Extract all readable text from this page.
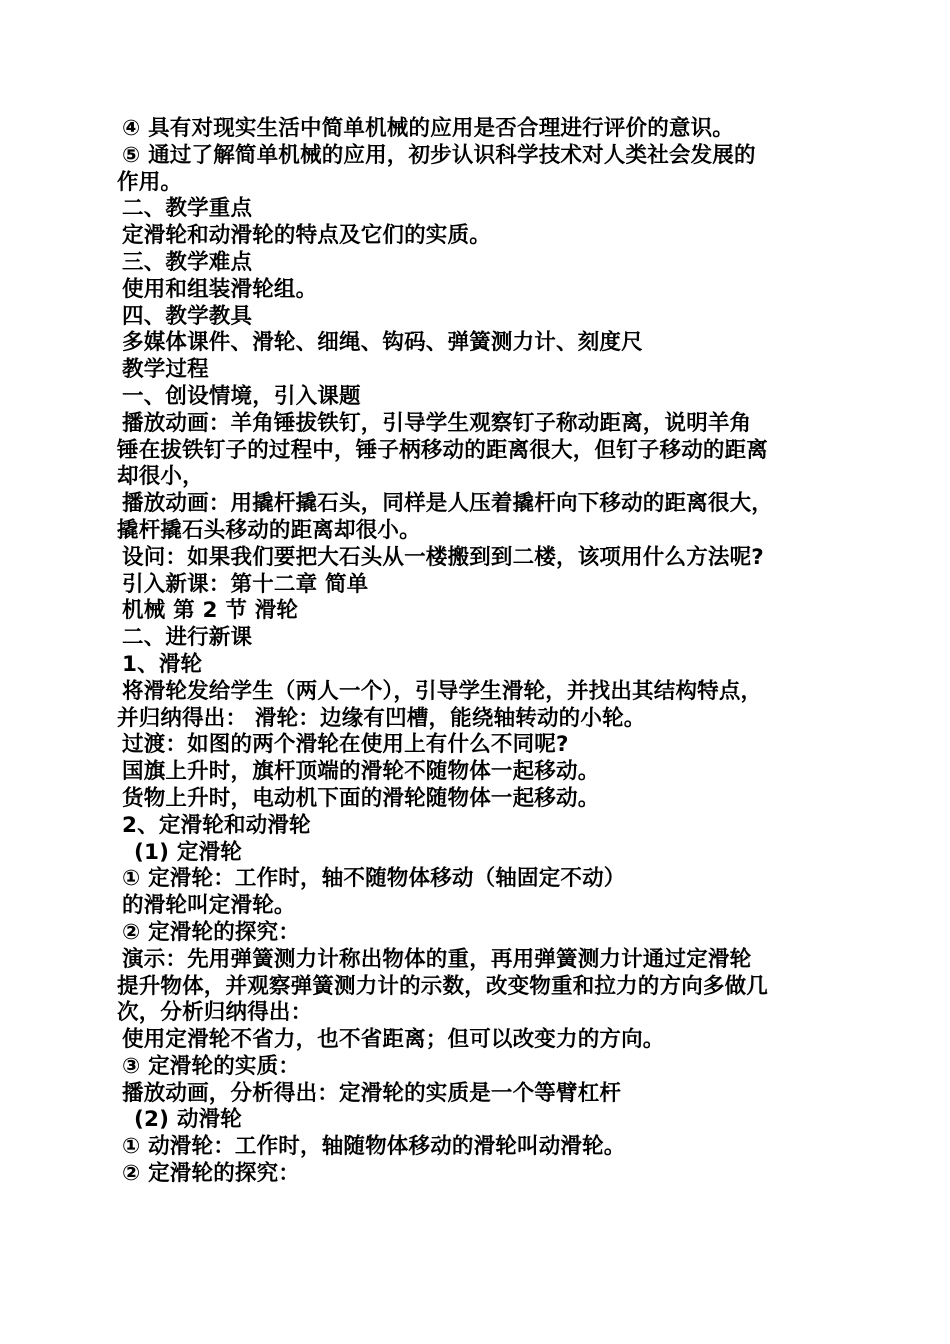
④ 具有对现实生活中简单机械的应用是否合理进行评价的意识。
⑤ 通过了解简单机械的应用，初步认识科学技术对人类社会发展的
作用。
二、教学重点
定滑轮和动滑轮的特点及它们的实质。
三、教学难点
使用和组装滑轮组。
四、教学教具
多媒体课件、滑轮、细绳、钩码、弹簧测力计、刻度尺
教学过程
一、创设情境，引入课题
播放动画：羊角锤拔铁钉，引导学生观察钉子称动距离，说明羊角
锤在拔铁钉子的过程中，锤子柄移动的距离很大，但钉子移动的距离
却很小，
播放动画：用撬杆撬石头，同样是人压着撬杆向下移动的距离很大，
撬杆撬石头移动的距离却很小。
设问：如果我们要把大石头从一楼搬到到二楼，该项用什么方法呢?
引入新课：第十二章 简单
机械 第 2 节 滑轮
二、进行新课
1、滑轮
将滑轮发给学生（两人一个），引导学生滑轮，并找出其结构特点，
并归纳得出： 滑轮：边缘有凹槽，能绕轴转动的小轮。
过渡：如图的两个滑轮在使用上有什么不同呢?
国旗上升时，旗杆顶端的滑轮不随物体一起移动。
货物上升时，电动机下面的滑轮随物体一起移动。
2、定滑轮和动滑轮
(1) 定滑轮
① 定滑轮：工作时，轴不随物体移动（轴固定不动）
的滑轮叫定滑轮。
② 定滑轮的探究：
演示：先用弹簧测力计称出物体的重，再用弹簧测力计通过定滑轮
提升物体，并观察弹簧测力计的示数，改变物重和拉力的方向多做几
次，分析归纳得出：
使用定滑轮不省力，也不省距离；但可以改变力的方向。
③ 定滑轮的实质：
播放动画，分析得出：定滑轮的实质是一个等臂杠杆
(2) 动滑轮
① 动滑轮：工作时，轴随物体移动的滑轮叫动滑轮。
② 定滑轮的探究：
